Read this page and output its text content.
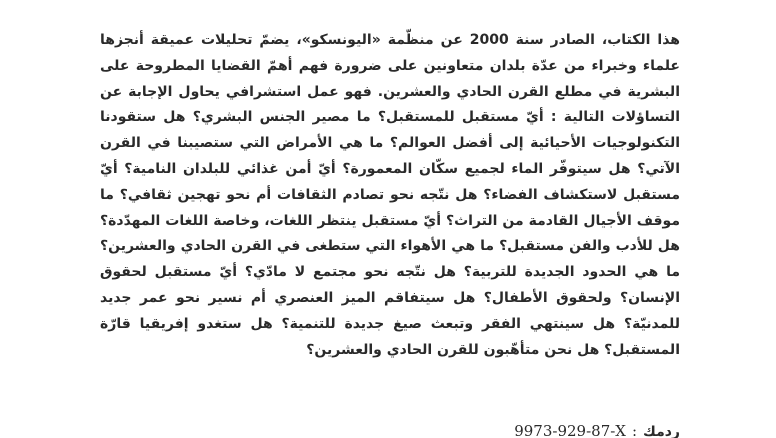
هذا الكتاب، الصادر سنة 2000 عن منظّمة «اليونسكو»، يضمّ تحليلات عميقة أنجزها
علماء وخبراء من عدّة بلدان متعاونين على ضرورة فهم أهمّ القضايا المطروحة على
البشرية في مطلع القرن الحادي والعشرين. فهو عمل استشرافي يحاول الإجابة عن
التساؤلات التالية : أيّ مستقبل للمستقبل؟ ما مصير الجنس البشري؟ هل ستقودنا
التكنولوجيات الأحيائية إلى أفضل العوالم؟ ما هي الأمراض التي ستصيبنا في القرن
الآتي؟ هل سيتوفّر الماء لجميع سكّان المعمورة؟ أيّ أمن غذائي للبلدان النامية؟ أيّ
مستقبل لاستكشاف الفضاء؟ هل نتّجه نحو تصادم الثقافات أم نحو تهجين ثقافي؟ ما
موقف الأجيال القادمة من التراث؟ أيّ مستقبل ينتظر اللغات، وخاصة اللغات المهدّدة؟
هل للأدب والفن مستقبل؟ ما هي الأهواء التي ستطغى في القرن الحادي والعشرين؟
ما هي الحدود الجديدة للتربية؟ هل نتّجه نحو مجتمع لا مادّي؟ أيّ مستقبل لحقوق
الإنسان؟ ولحقوق الأطفال؟ هل سيتفاقم الميز العنصري أم نسير نحو عمر جديد
للمدنيّة؟ هل سينتهي الفقر وتبعث صيغ جديدة للتنمية؟ هل ستغدو إفريقيا قارّة
المستقبل؟ هل نحن متأهّبون للقرن الحادي والعشرين؟
ردمك:9973-929-87-X
